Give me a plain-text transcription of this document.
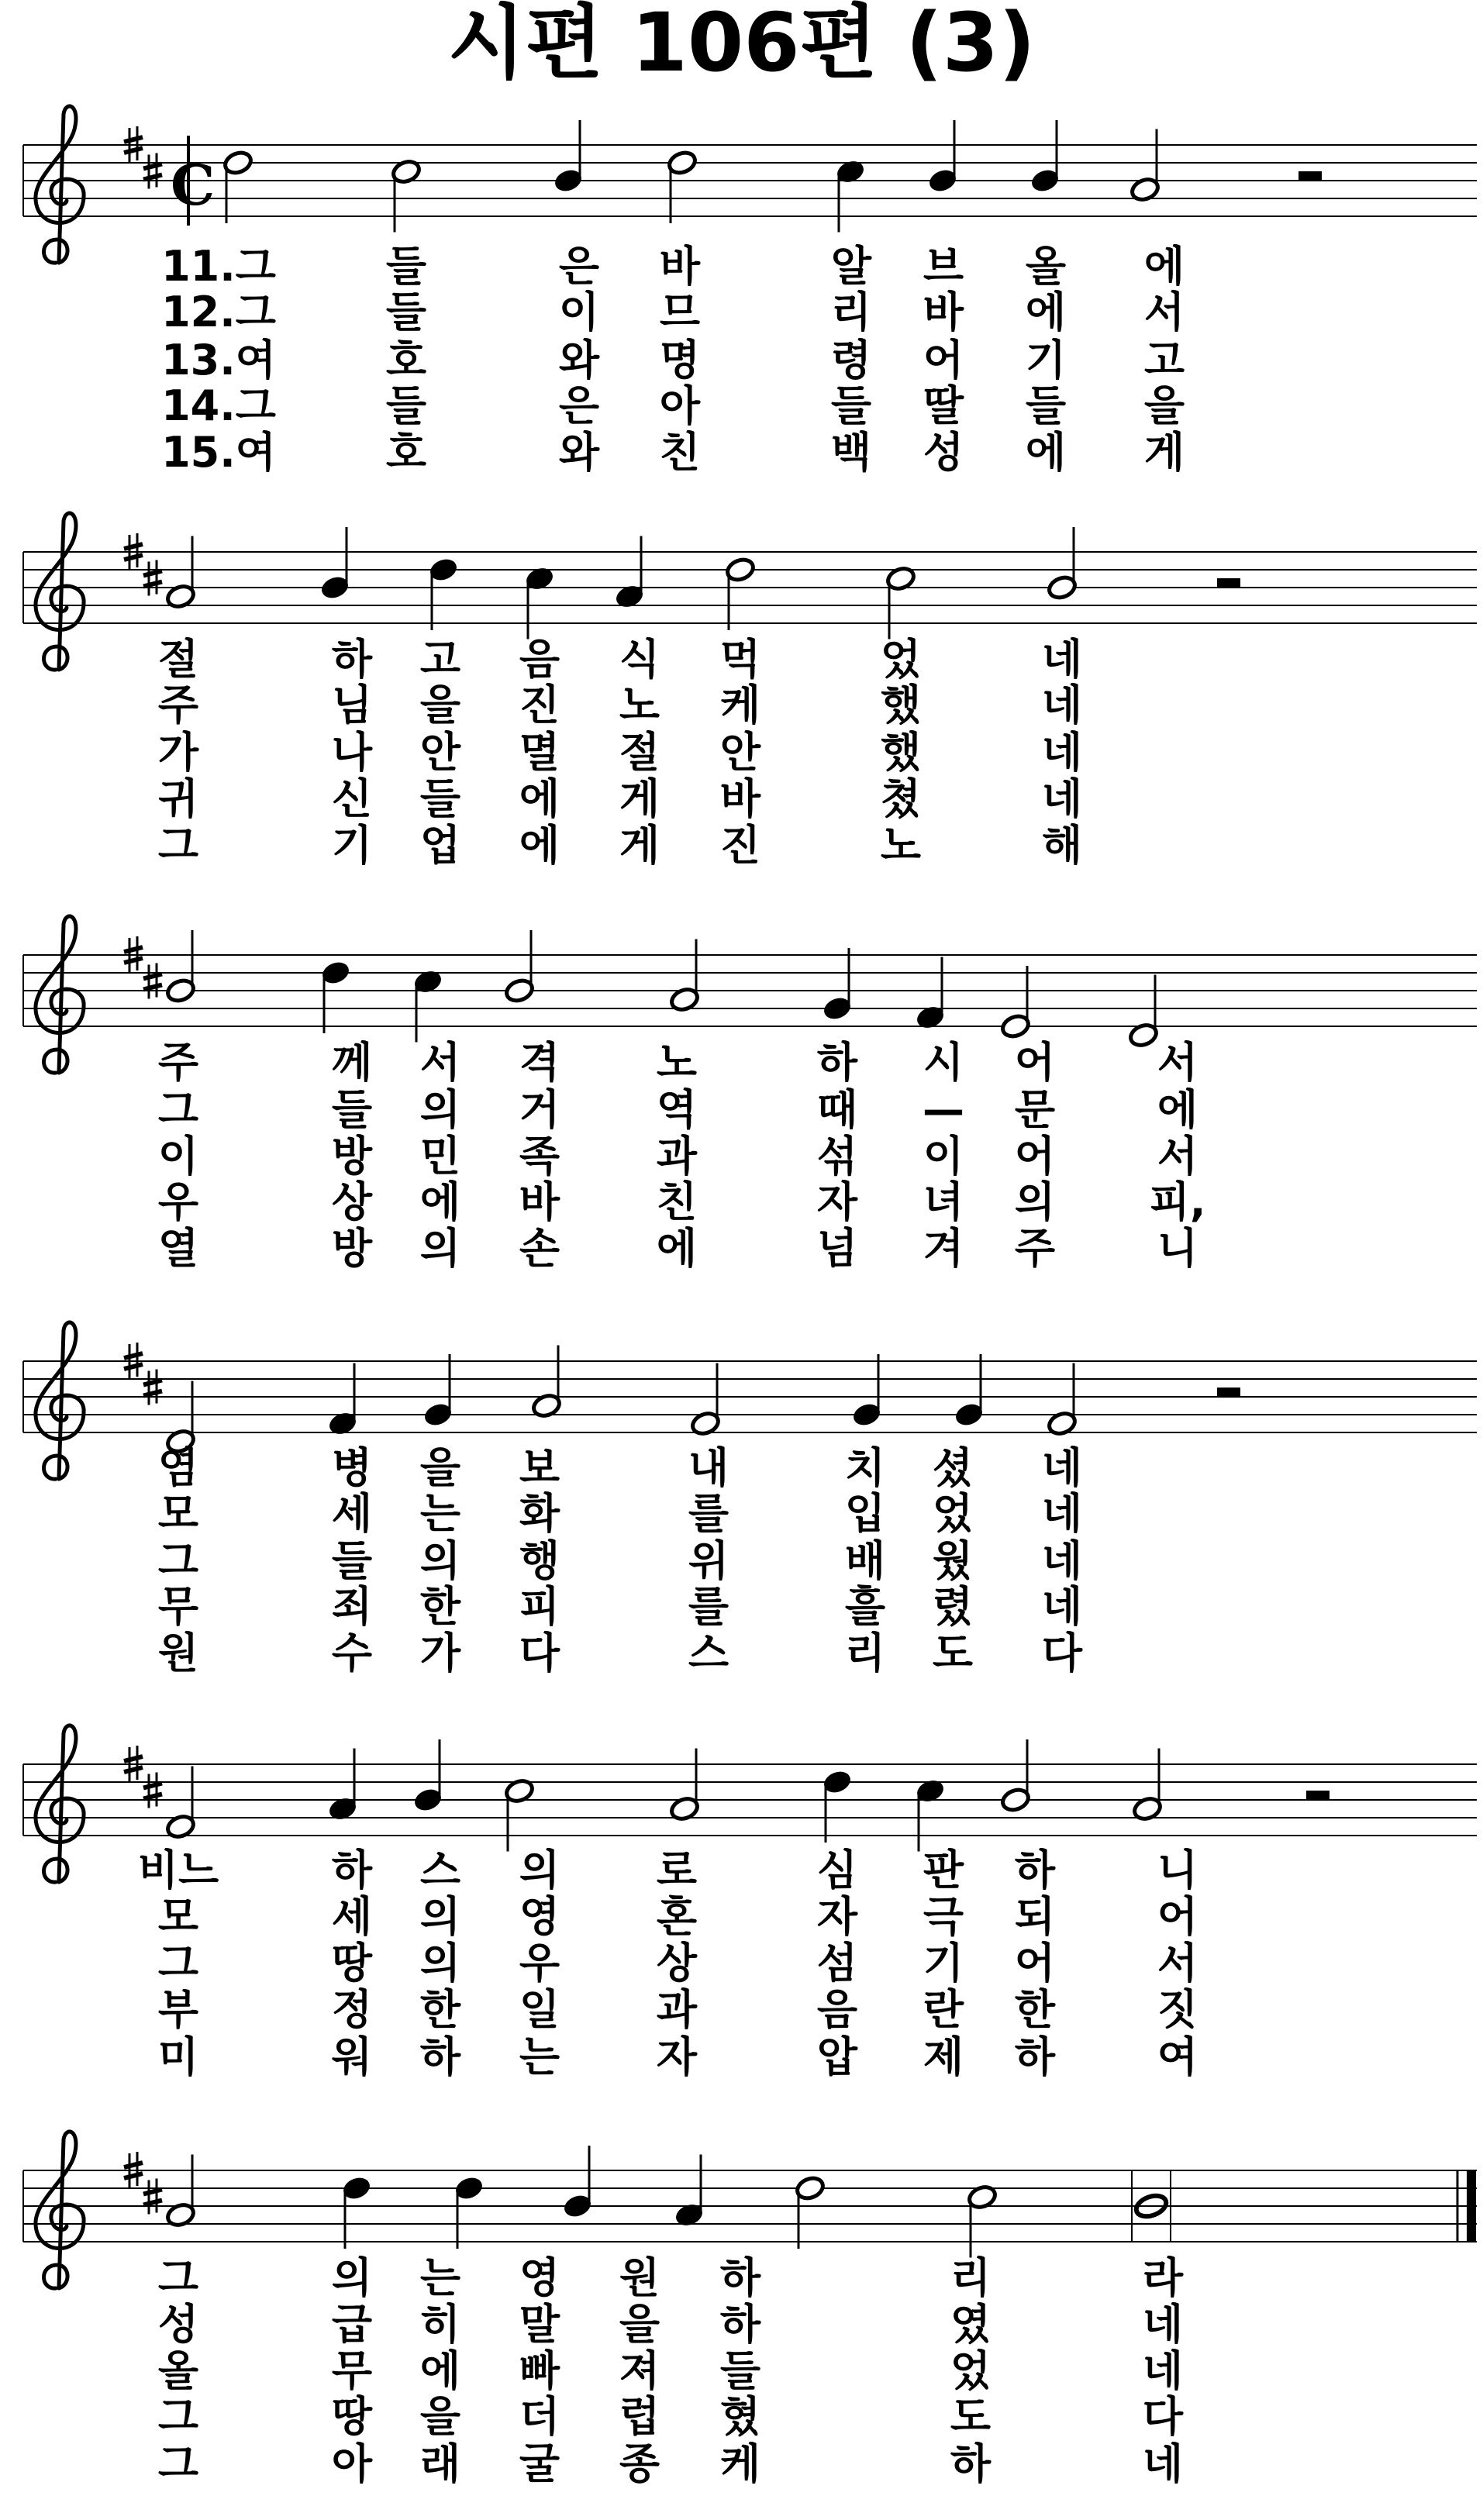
시편 106편 (3)
C
11.그	들	은 바	알 브 올 에
12.그	들	이 므	리 바 에 서
13.여	호	와 명	령 어 기 고
14.그	들	은 아	들 딸 들 을
15.여	호	와 친	백 성 에 게
절	하 고 음 식 먹	었	네
주	님 을 진 노 케	했	네
가	나 안 멸 절 안	했	네
귀	신 들 에 게 바	쳤	네
그	기 업 에 게 진	노	해
주	께 서 격 노	하 시 어 서
그	들 의 거 역	때 — 문 에
이	방 민 족 과	섞 이 어 서
우	상 에 바 친	자 녀 의 피,
열	방 의 손 에	넘 겨 주 니
염	병 을 보	내	치 셨 네
모	세 는 화	를	입 었 네
그	들 의 행	위	배 웠 네
무	죄 한 피	를	흘 렸 네
원	수 가 다	스	리 도 다
비느	하 스 의 로	심 판 하 니
모	세 의 영 혼	자 극 되 어
그	땅 의 우 상	섬 기 어 서
부	정 한 일 과	음 란 한 짓
미	워 하 는 자	압 제 하 여
그	의 는 영 원 하	리	라
성	급 히 말 을 하	였	네
올	무 에 빠 져 들	었	네
그	땅 을 더 럽 혔	도	다
그	아 래 굴 종 케	하	네
